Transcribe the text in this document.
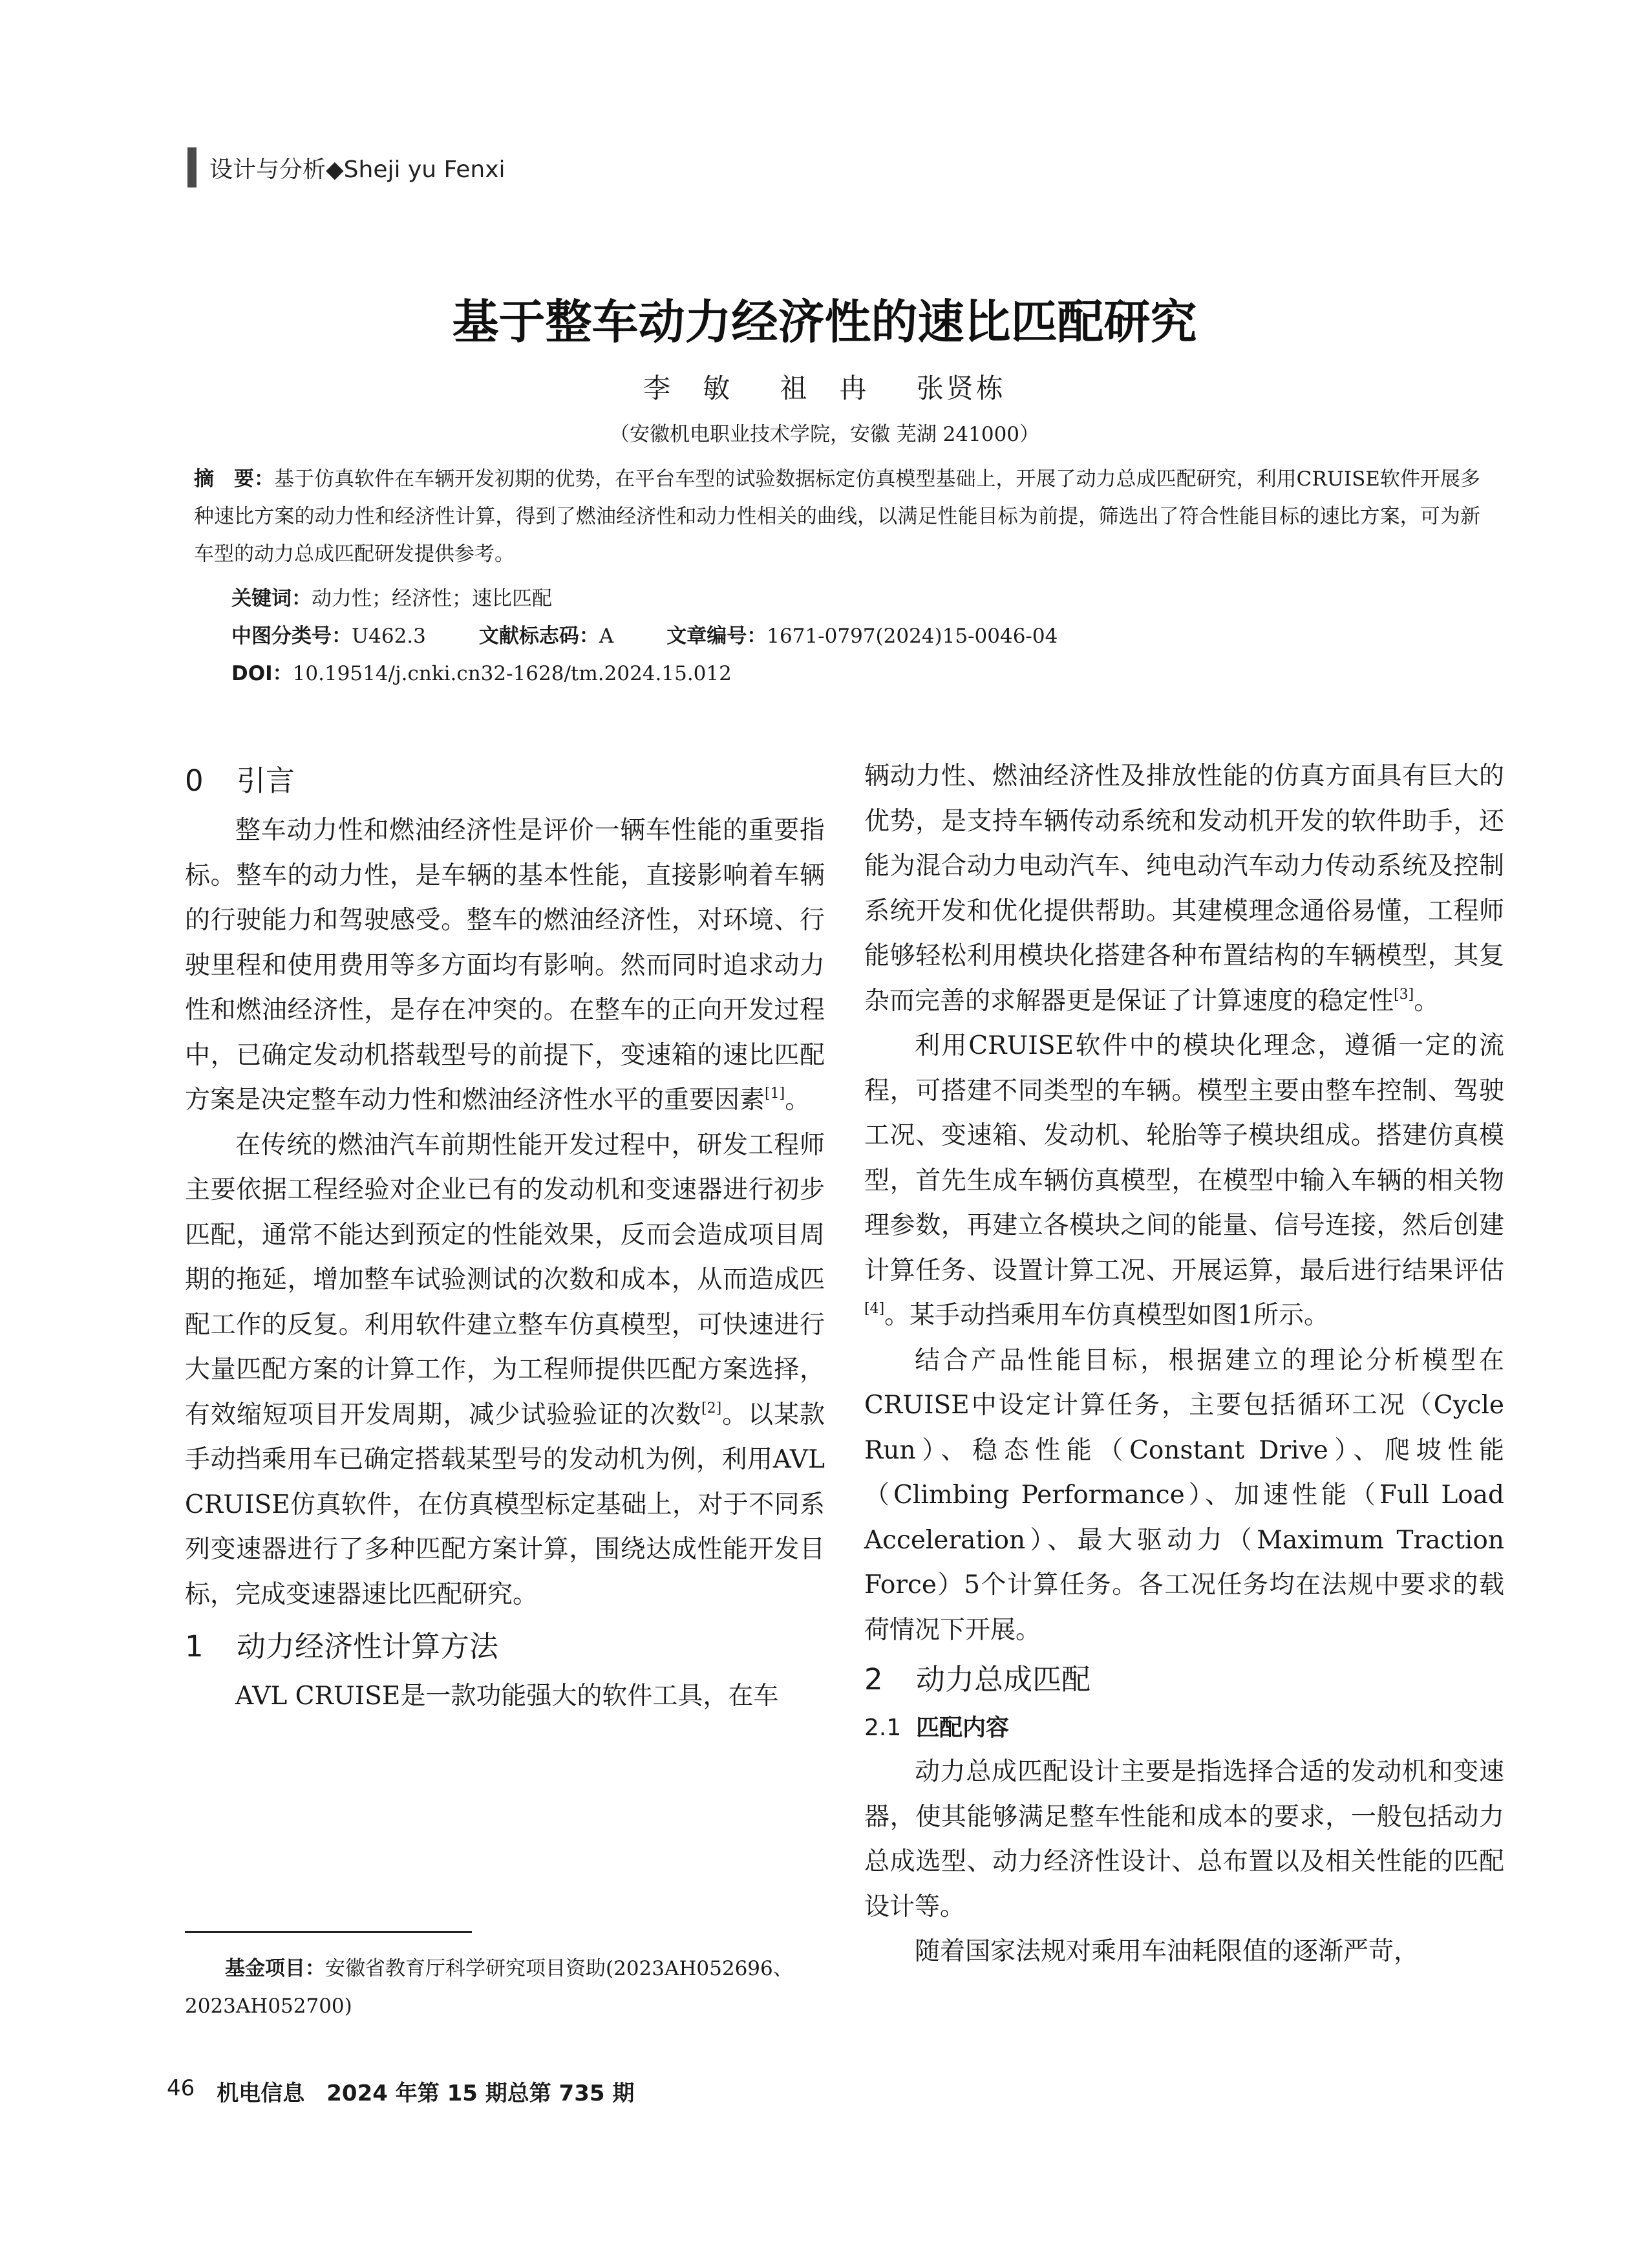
设计与分析◆Sheji yu Fenxi
基于整车动力经济性的速比匹配研究
李　敏 祖　冉 张贤栋
（安徽机电职业技术学院，安徽 芜湖 241000）
摘　要：基于仿真软件在车辆开发初期的优势，在平台车型的试验数据标定仿真模型基础上，开展了动力总成匹配研究，利用CRUISE软件开展多种速比方案的动力性和经济性计算，得到了燃油经济性和动力性相关的曲线，以满足性能目标为前提，筛选出了符合性能目标的速比方案，可为新车型的动力总成匹配研发提供参考。
关键词：动力性；经济性；速比匹配
中图分类号：U462.3	文献标志码：A	文章编号：1671-0797(2024)15-0046-04
DOI：10.19514/j.cnki.cn32-1628/tm.2024.15.012
0	引言

整车动力性和燃油经济性是评价一辆车性能的重要指标。整车的动力性，是车辆的基本性能，直接影响着车辆的行驶能力和驾驶感受。整车的燃油经济性，对环境、行驶里程和使用费用等多方面均有影响。然而同时追求动力性和燃油经济性，是存在冲突的。在整车的正向开发过程中，已确定发动机搭载型号的前提下，变速箱的速比匹配方案是决定整车动力性和燃油经济性水平的重要因素[1]。

在传统的燃油汽车前期性能开发过程中，研发工程师主要依据工程经验对企业已有的发动机和变速器进行初步匹配，通常不能达到预定的性能效果，反而会造成项目周期的拖延，增加整车试验测试的次数和成本，从而造成匹配工作的反复。利用软件建立整车仿真模型，可快速进行大量匹配方案的计算工作，为工程师提供匹配方案选择，有效缩短项目开发周期，减少试验验证的次数[2]。以某款手动挡乘用车已确定搭载某型号的发动机为例，利用AVL CRUISE仿真软件，在仿真模型标定基础上，对于不同系列变速器进行了多种匹配方案计算，围绕达成性能开发目标，完成变速器速比匹配研究。

1	动力经济性计算方法

AVL CRUISE是一款功能强大的软件工具，在车

辆动力性、燃油经济性及排放性能的仿真方面具有巨大的优势，是支持车辆传动系统和发动机开发的软件助手，还能为混合动力电动汽车、纯电动汽车动力传动系统及控制系统开发和优化提供帮助。其建模理念通俗易懂，工程师能够轻松利用模块化搭建各种布置结构的车辆模型，其复杂而完善的求解器更是保证了计算速度的稳定性[3]。

利用CRUISE软件中的模块化理念，遵循一定的流程，可搭建不同类型的车辆。模型主要由整车控制、驾驶工况、变速箱、发动机、轮胎等子模块组成。搭建仿真模型，首先生成车辆仿真模型，在模型中输入车辆的相关物理参数，再建立各模块之间的能量、信号连接，然后创建计算任务、设置计算工况、开展运算，最后进行结果评估[4]。某手动挡乘用车仿真模型如图1所示。

结合产品性能目标，根据建立的理论分析模型在CRUISE中设定计算任务，主要包括循环工况（Cycle Run）、稳态性能（Constant Drive）、爬坡性能（Climbing Performance）、加速性能（Full Load Acceleration）、最大驱动力（Maximum Traction Force）5个计算任务。各工况任务均在法规中要求的载荷情况下开展。

2	动力总成匹配
2.1 匹配内容

动力总成匹配设计主要是指选择合适的发动机和变速器，使其能够满足整车性能和成本的要求，一般包括动力总成选型、动力经济性设计、总布置以及相关性能的匹配设计等。

随着国家法规对乘用车油耗限值的逐渐严苛，

基金项目：安徽省教育厅科学研究项目资助(2023AH052696、2023AH052700)
46 机电信息 2024 年第 15 期总第 735 期
